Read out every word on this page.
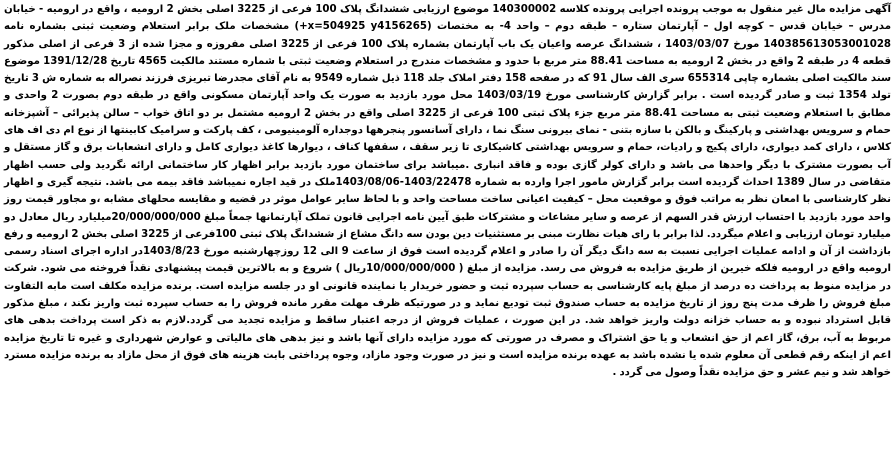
آگهی مزایده مال غیر منقول به موجب پرونده اجرایی پرونده کلاسه 140300002 موضوع ارزیابی ششدانگ پلاک 100 فرعی از 3225 اصلی بخش 2 ارومیه ، واقع در ارومیه - خیابان مدرس – خیابان قدس – کوچه اول – آپارتمان ستاره – طبقه دوم – واحد 4- به مختصات (x=504925 y4156265+) مشخصات ملک برابر استعلام وضعیت ثبتی بشماره نامه 140385613053001028 مورخ 1403/03/07 ، ششدانگ عرصه واعیان یک باب آپارتمان بشماره پلاک 100 فرعی از 3225 اصلی مفروزه و مجزا شده از 3 فرعی از اصلی مذکور قطعه 4 در طبقه 2 واقع در بخش 2 ارومیه به مساحت 88.41 متر مربع با حدود و مشخصات مندرج در استعلام وضعیت ثبتی با شماره مستند مالکیت 4565 تاریخ 1391/12/28 موضوع سند مالکیت اصلی بشماره چاپی 655314 سری الف سال 91 که در صفحه 158 دفتر املاک جلد 118 ذیل شماره 9549 به نام آقای مجدرضا تبریزی فرزند نصراله به شماره ش 3 تاریخ تولد 1354 ثبت و صادر گردیده است . برابر گزارش کارشناسی مورخ 1403/03/19 محل مورد بازدید به صورت یک واحد آپارتمان مسکونی واقع در طبقه دوم بصورت 2 واحدی و مطابق با استعلام وضعیت ثبتی به مساحت 88.41 متر مربع جزء پلاک ثبتی 100 فرعی از 3225 اصلی واقع در بخش 2 ارومیه مشتمل بر دو اتاق خواب – سالن پذیرائی – آشپزخانه حمام و سرویس بهداشتی و پارکینگ و بالکن با سازه بتنی - نمای بیرونی سنگ نما ، دارای آسانسور پنجرهها دوجداره آلومینیومی ، کف پارکت و سرامیک کابینتها از نوع ام دی اف های کلاس ، دارای کمد دیواری، دارای پکیج و رادیات، حمام و سرویس بهداشتی کاشیکاری تا زیر سقف ، سقفها کناف ، دیوارها کاغذ دیواری کامل و دارای انشعابات برق و گاز مستقل و آب بصورت مشترک با دیگر واحدها می باشد و دارای کولر گازی بوده و فاقد انباری .میباشد برای ساختمان مورد بازدید برابر اظهار کار ساختمانی ارائه نگردید ولی حسب اظهار متقاضی در سال 1389 احداث گردیده است برابر گزارش مامور اجرا وارده به شماره 1403/22478-1403/08/06ملک در قید اجاره نمیباشد فاقد بیمه می باشد. نتیجه گیری و اظهار نظر کارشناسی با امعان نظر به مراتب فوق و موقعیت محل – کیفیت اعیانی ساخت مساحت واحد و با لحاظ سایر عوامل موثر در قضیه و مقایسه محلهای مشابه ،و مجاور قیمت روز واحد مورد بازدید با احتساب ارزش قدر السهم از عرصه و سایر مشاعات و مشترکات طبق آیین نامه اجرایی قانون تملک آپارتمانها جمعاً مبلغ 20/000/000/000میلیارد ریال معادل دو میلیارد تومان ارزیابی و اعلام میگردد. لذا برابر با رای هیات نظارت مبنی بر مستثنیات دین بودن سه دانگ مشاع از ششدانگ پلاک ثبتی 100فرعی از 3225 اصلی بخش 2 ارومیه و رفع بازداشت از آن و ادامه عملیات اجرایی نسبت به سه دانگ دیگر آن را صادر و اعلام گردیده است فوق از ساعت 9 الی 12 روزچهارشنبه مورخ 1403/8/23در اداره اجرای اسناد رسمی ارومیه واقع در ارومیه فلکه خیرین از طریق مزایده به فروش می رسد. مزایده از مبلغ ( 10/000/000/000ریال ) شروع و به بالاترین قیمت پیشنهادی نقداً فروخته می شود. شرکت در مزایده منوط به پرداخت ده درصد از مبلغ پایه کارشناسی به حساب سپرده ثبت و حضور خریدار یا نماینده قانونی او در جلسه مزایده است. برنده مزایده مکلف است مابه التفاوت مبلغ فروش را ظرف مدت پنج روز از تاریخ مزایده به حساب صندوق ثبت تودیع نماید و در صورتیکه ظرف مهلت مقرر مانده فروش را به حساب سپرده ثبت واریز نکند ، مبلغ مذکور قابل استرداد نبوده و به حساب خزانه دولت واریز خواهد شد. در این صورت ، عملیات فروش از درجه اعتبار ساقط و مزایده تجدید می گردد.لازم به ذکر است پرداخت بدهی های مربوط به آب، برق، گاز اعم از حق انشعاب و یا حق اشتراک و مصرف در صورتی که مورد مزایده دارای آنها باشد و نیز بدهی های مالیاتی و عوارض شهرداری و غیره تا تاریخ مزایده اعم از اینکه رقم قطعی آن معلوم شده یا نشده باشد به عهده برنده مزایده است و نیز در صورت وجود مازاد، وجوه پرداختی بابت هزینه های فوق از محل مازاد به برنده مزایده مسترد خواهد شد و نیم عشر و حق مزایده نقداً وصول می گردد .
